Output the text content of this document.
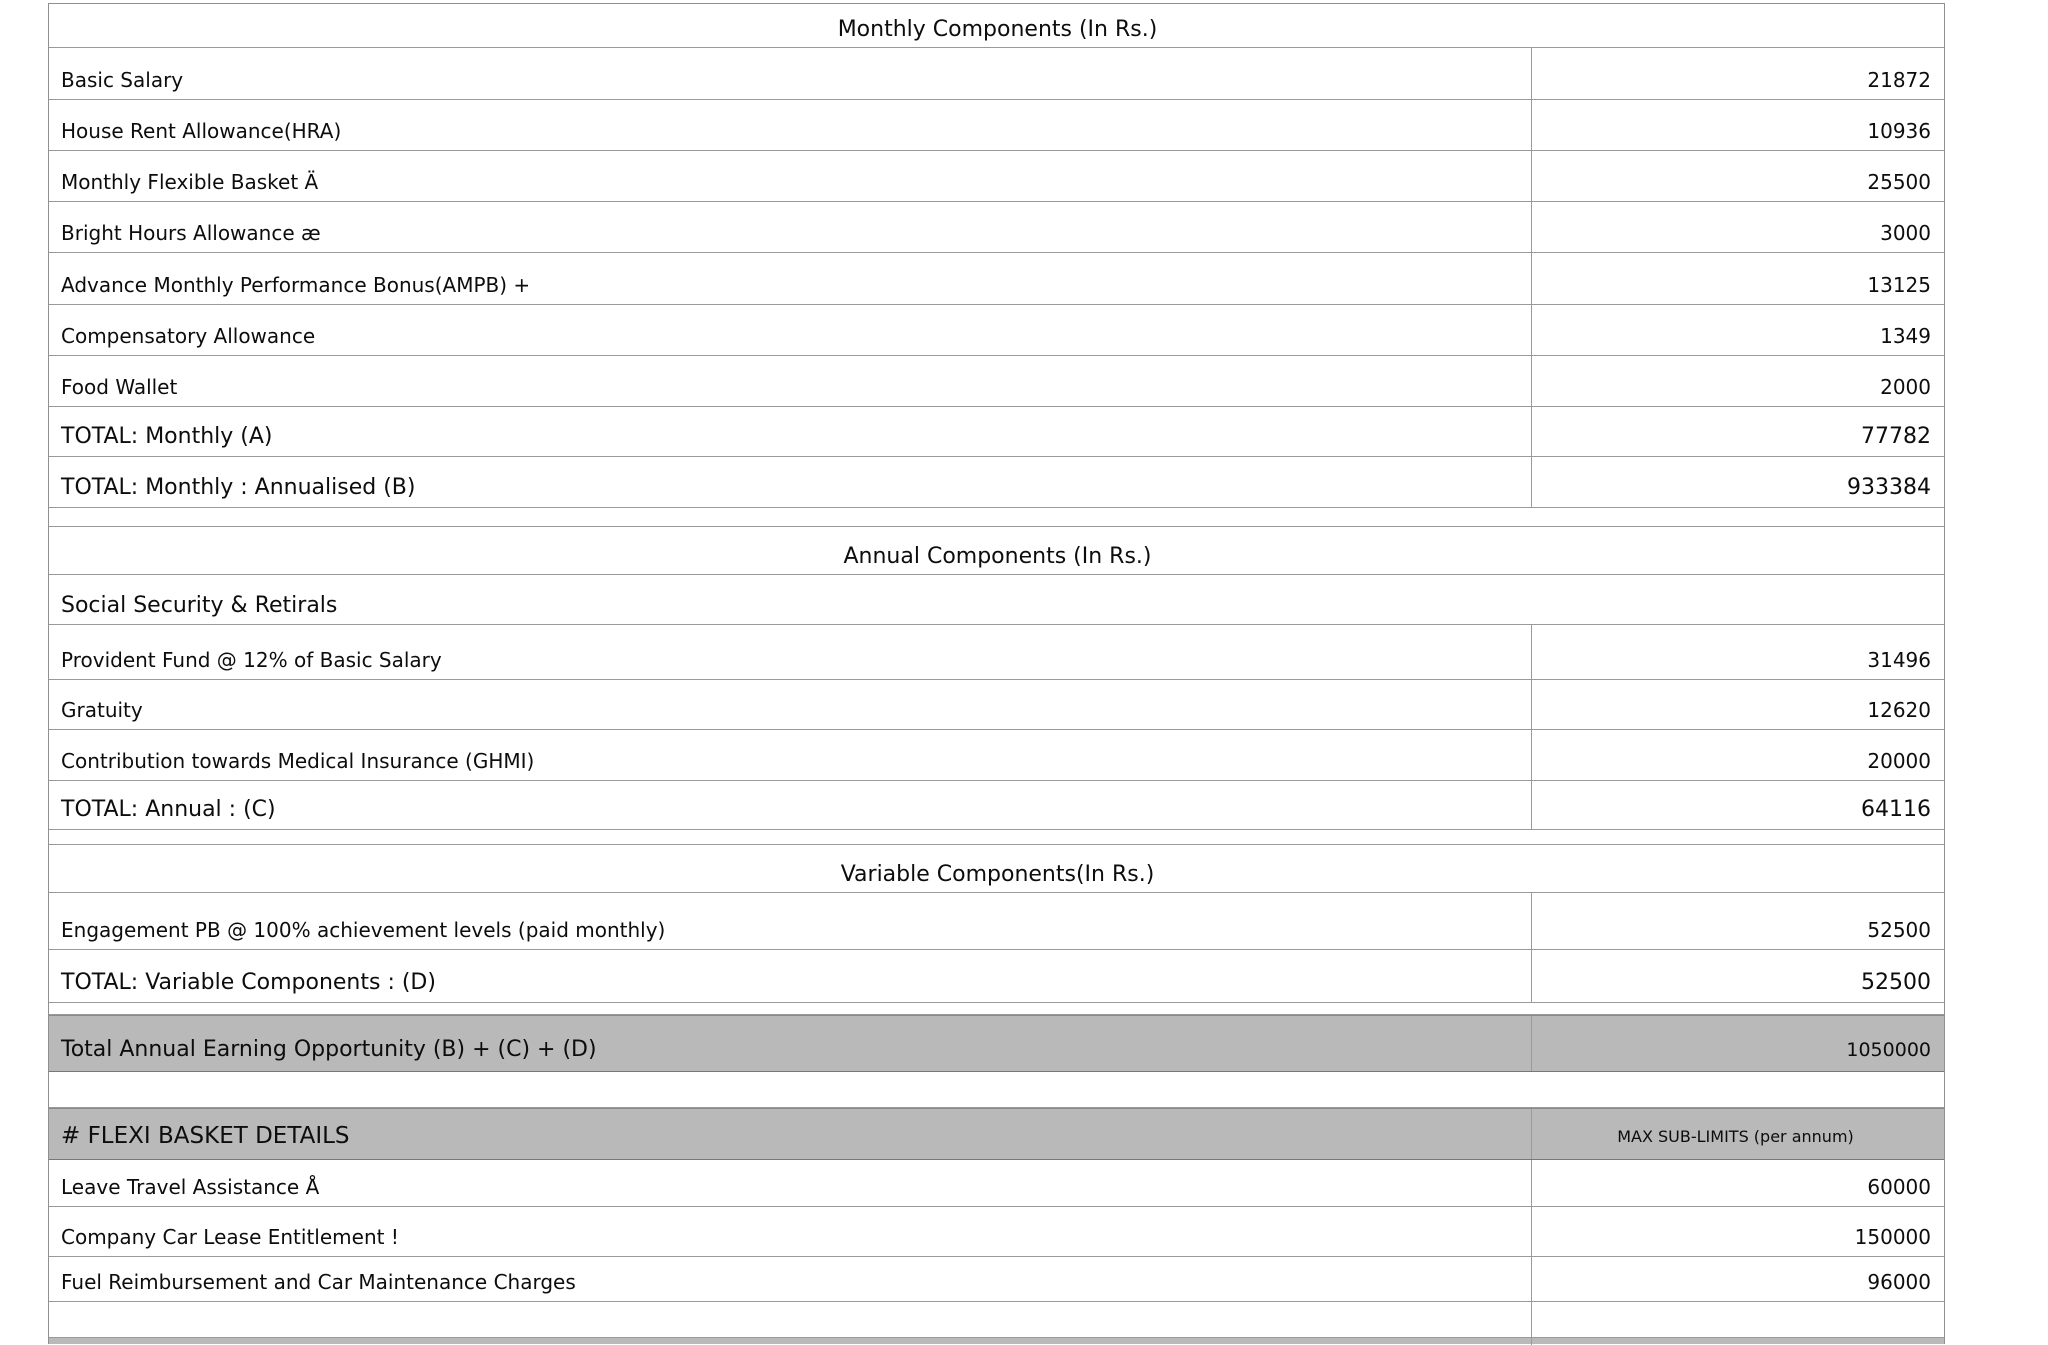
Monthly Components (In Rs.)
Basic Salary	21872
House Rent Allowance(HRA)	10936
Monthly Flexible Basket Ä	25500
Bright Hours Allowance æ	3000
Advance Monthly Performance Bonus(AMPB) +	13125
Compensatory Allowance	1349
Food Wallet	2000
TOTAL: Monthly (A)	77782
TOTAL: Monthly : Annualised (B)	933384
Annual Components (In Rs.)
Social Security & Retirals
Provident Fund @ 12% of Basic Salary	31496
Gratuity	12620
Contribution towards Medical Insurance (GHMI)	20000
TOTAL: Annual : (C)	64116
Variable Components(In Rs.)
Engagement PB @ 100% achievement levels (paid monthly)	52500
TOTAL: Variable Components : (D)	52500
Total Annual Earning Opportunity (B) + (C) + (D)	1050000
# FLEXI BASKET DETAILS	MAX SUB-LIMITS (per annum)
Leave Travel Assistance Å	60000
Company Car Lease Entitlement !	150000
Fuel Reimbursement and Car Maintenance Charges	96000
